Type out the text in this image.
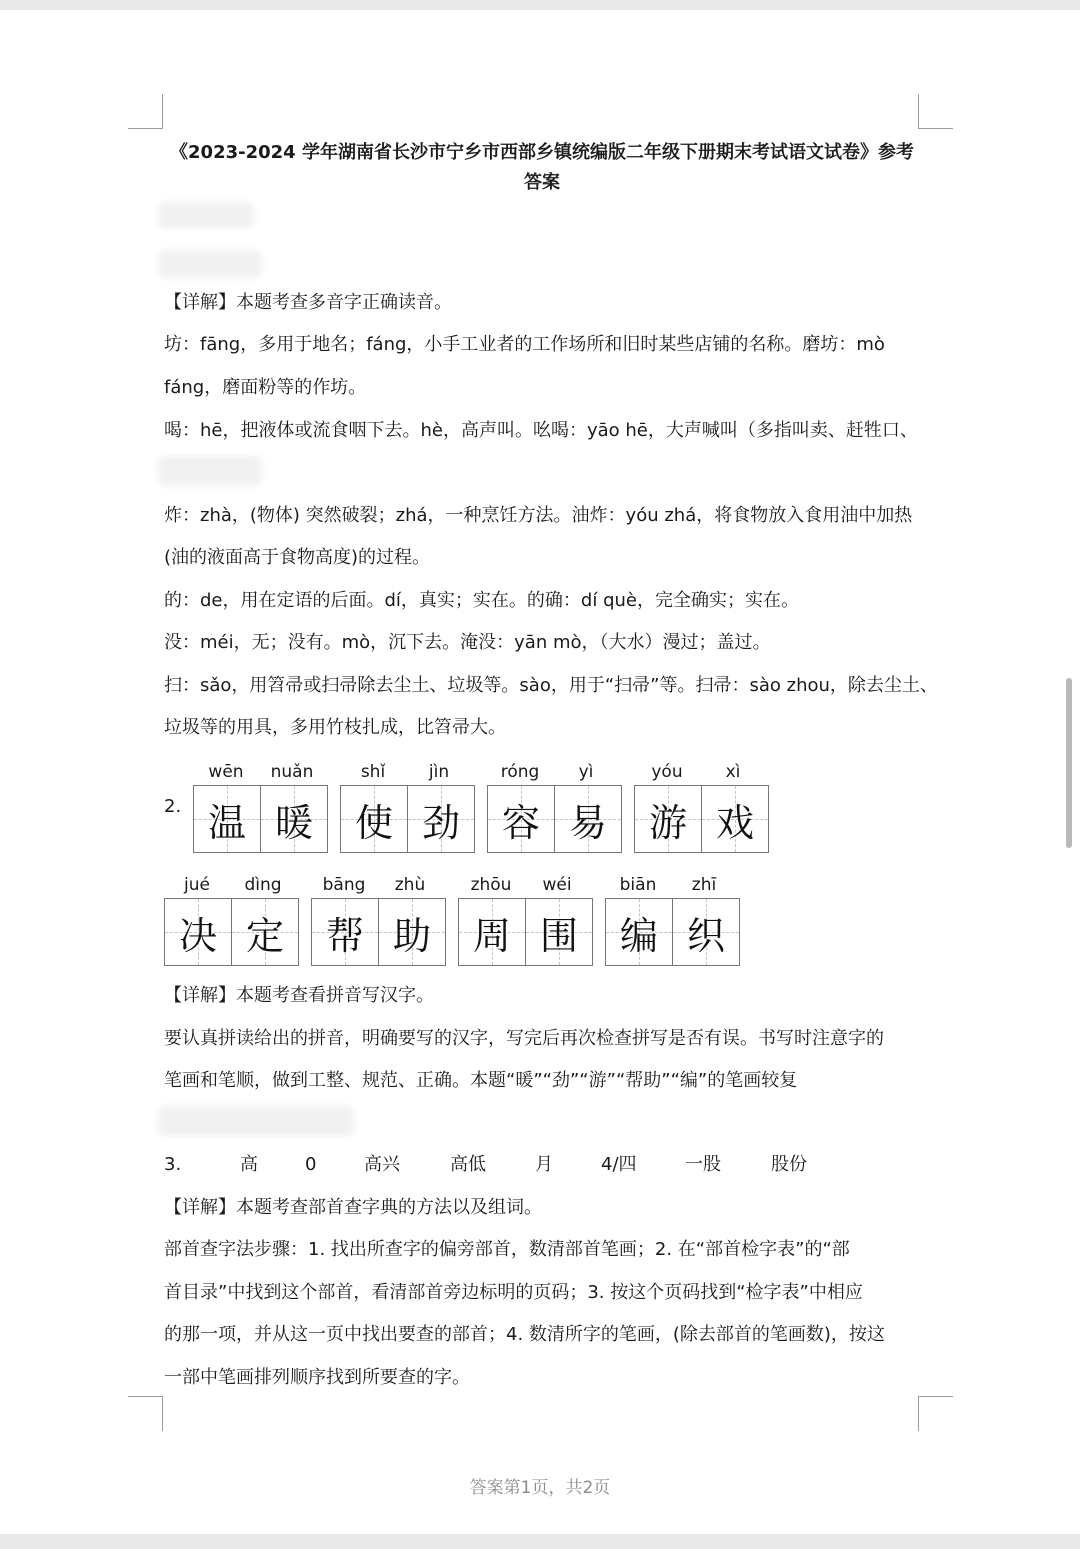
《2023-2024 学年湖南省长沙市宁乡市西部乡镇统编版二年级下册期末考试语文试卷》参考答案
【详解】本题考查多音字正确读音。
坊：fāng，多用于地名；fáng，小手工业者的工作场所和旧时某些店铺的名称。磨坊：mò
fáng，磨面粉等的作坊。
喝：hē，把液体或流食咽下去。hè，高声叫。吆喝：yāo hē，大声喊叫（多指叫卖、赶牲口、
炸：zhà，(物体) 突然破裂；zhá，一种烹饪方法。油炸：yóu zhá，将食物放入食用油中加热
(油的液面高于食物高度)的过程。
的：de，用在定语的后面。dí，真实；实在。的确：dí què，完全确实；实在。
没：méi，无；没有。mò，沉下去。淹没：yān mò，（大水）漫过；盖过。
扫：sǎo，用笤帚或扫帚除去尘土、垃圾等。sào，用于“扫帚”等。扫帚：sào zhou，除去尘土、
垃圾等的用具，多用竹枝扎成，比笤帚大。
2.
wēn	nuǎn
温 暖
shǐ	jìn
使 劲
róng	yì
容 易
yóu	xì
游 戏
jué	dìng
决 定
bāng	zhù
帮 助
zhōu	wéi
周 围
biān	zhī
编 织
【详解】本题考查看拼音写汉字。
要认真拼读给出的拼音，明确要写的汉字，写完后再次检查拼写是否有误。书写时注意字的
笔画和笔顺，做到工整、规范、正确。本题“暖”“劲”“游”“帮助”“编”的笔画较复
3.	高	0	高兴	高低	月	4/四	一股	股份
【详解】本题考查部首查字典的方法以及组词。
部首查字法步骤：1. 找出所查字的偏旁部首，数清部首笔画；2. 在“部首检字表”的“部
首目录”中找到这个部首，看清部首旁边标明的页码；3. 按这个页码找到“检字表”中相应
的那一项，并从这一页中找出要查的部首；4. 数清所字的笔画，(除去部首的笔画数)，按这
一部中笔画排列顺序找到所要查的字。
答案第1页，共2页
